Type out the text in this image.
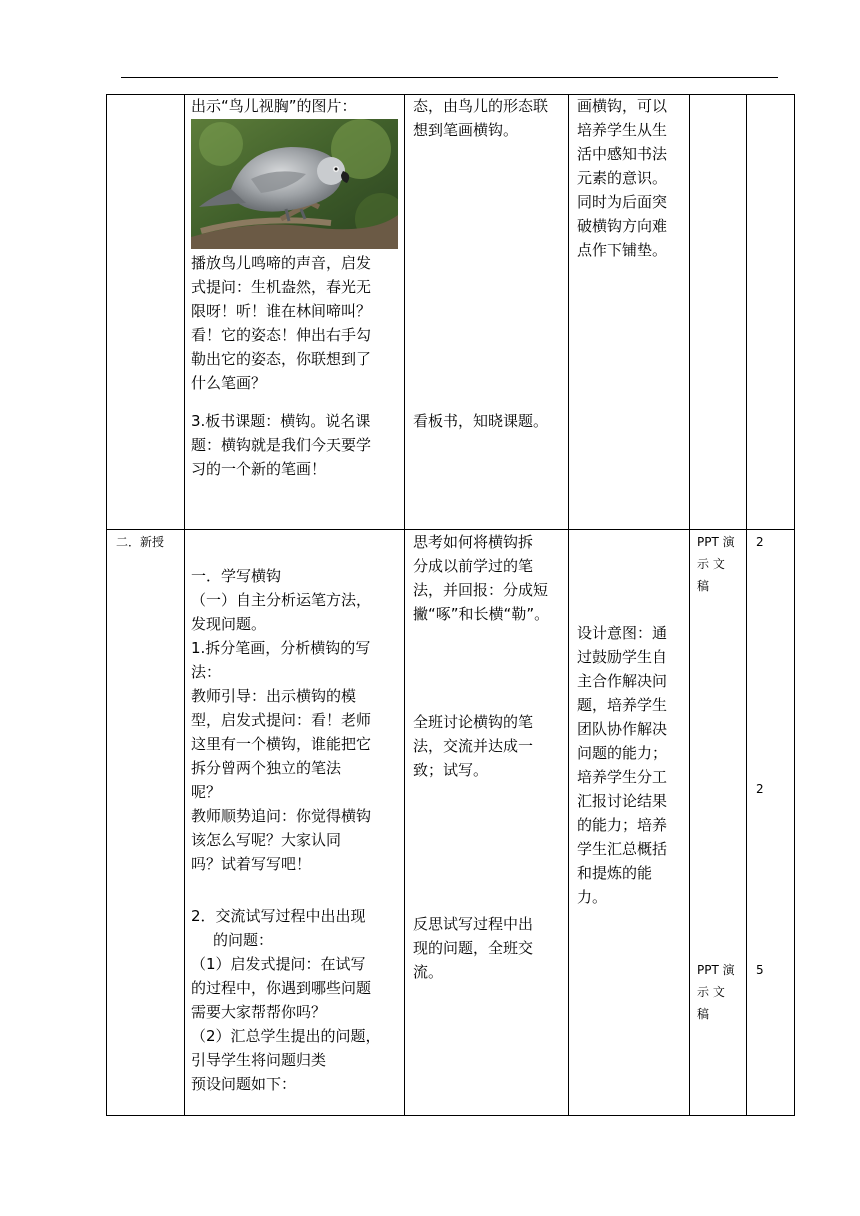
出示“鸟儿视胸”的图片：
播放鸟儿鸣啼的声音，启发
式提问：生机盎然，春光无
限呀！听！谁在林间啼叫？
看！它的姿态！伸出右手勾
勒出它的姿态，你联想到了
什么笔画？
3.板书课题：横钩。说名课
题：横钩就是我们今天要学
习的一个新的笔画！
态，由鸟儿的形态联
想到笔画横钩。
看板书，知晓课题。
画横钩，可以
培养学生从生
活中感知书法
元素的意识。
同时为后面突
破横钩方向难
点作下铺垫。
二．新授
一．学写横钩
（一）自主分析运笔方法，
发现问题。
1.拆分笔画，分析横钩的写
法：
教师引导：出示横钩的模
型，启发式提问：看！老师
这里有一个横钩，谁能把它
拆分曾两个独立的笔法
呢？
教师顺势追问：你觉得横钩
该怎么写呢？大家认同
吗？试着写写吧！
2．交流试写过程中出出现
的问题：
（1）启发式提问：在试写
的过程中，你遇到哪些问题
需要大家帮帮你吗？
（2）汇总学生提出的问题，
引导学生将问题归类
预设问题如下：
思考如何将横钩拆
分成以前学过的笔
法，并回报：分成短
撇“啄”和长横“勒”。
全班讨论横钩的笔
法，交流并达成一
致；试写。
反思试写过程中出
现的问题，全班交
流。
设计意图：通
过鼓励学生自
主合作解决问
题，培养学生
团队协作解决
问题的能力；
培养学生分工
汇报讨论结果
的能力；培养
学生汇总概括
和提炼的能
力。
PPT 演
示 文
稿
PPT 演
示 文
稿
2
2
5
